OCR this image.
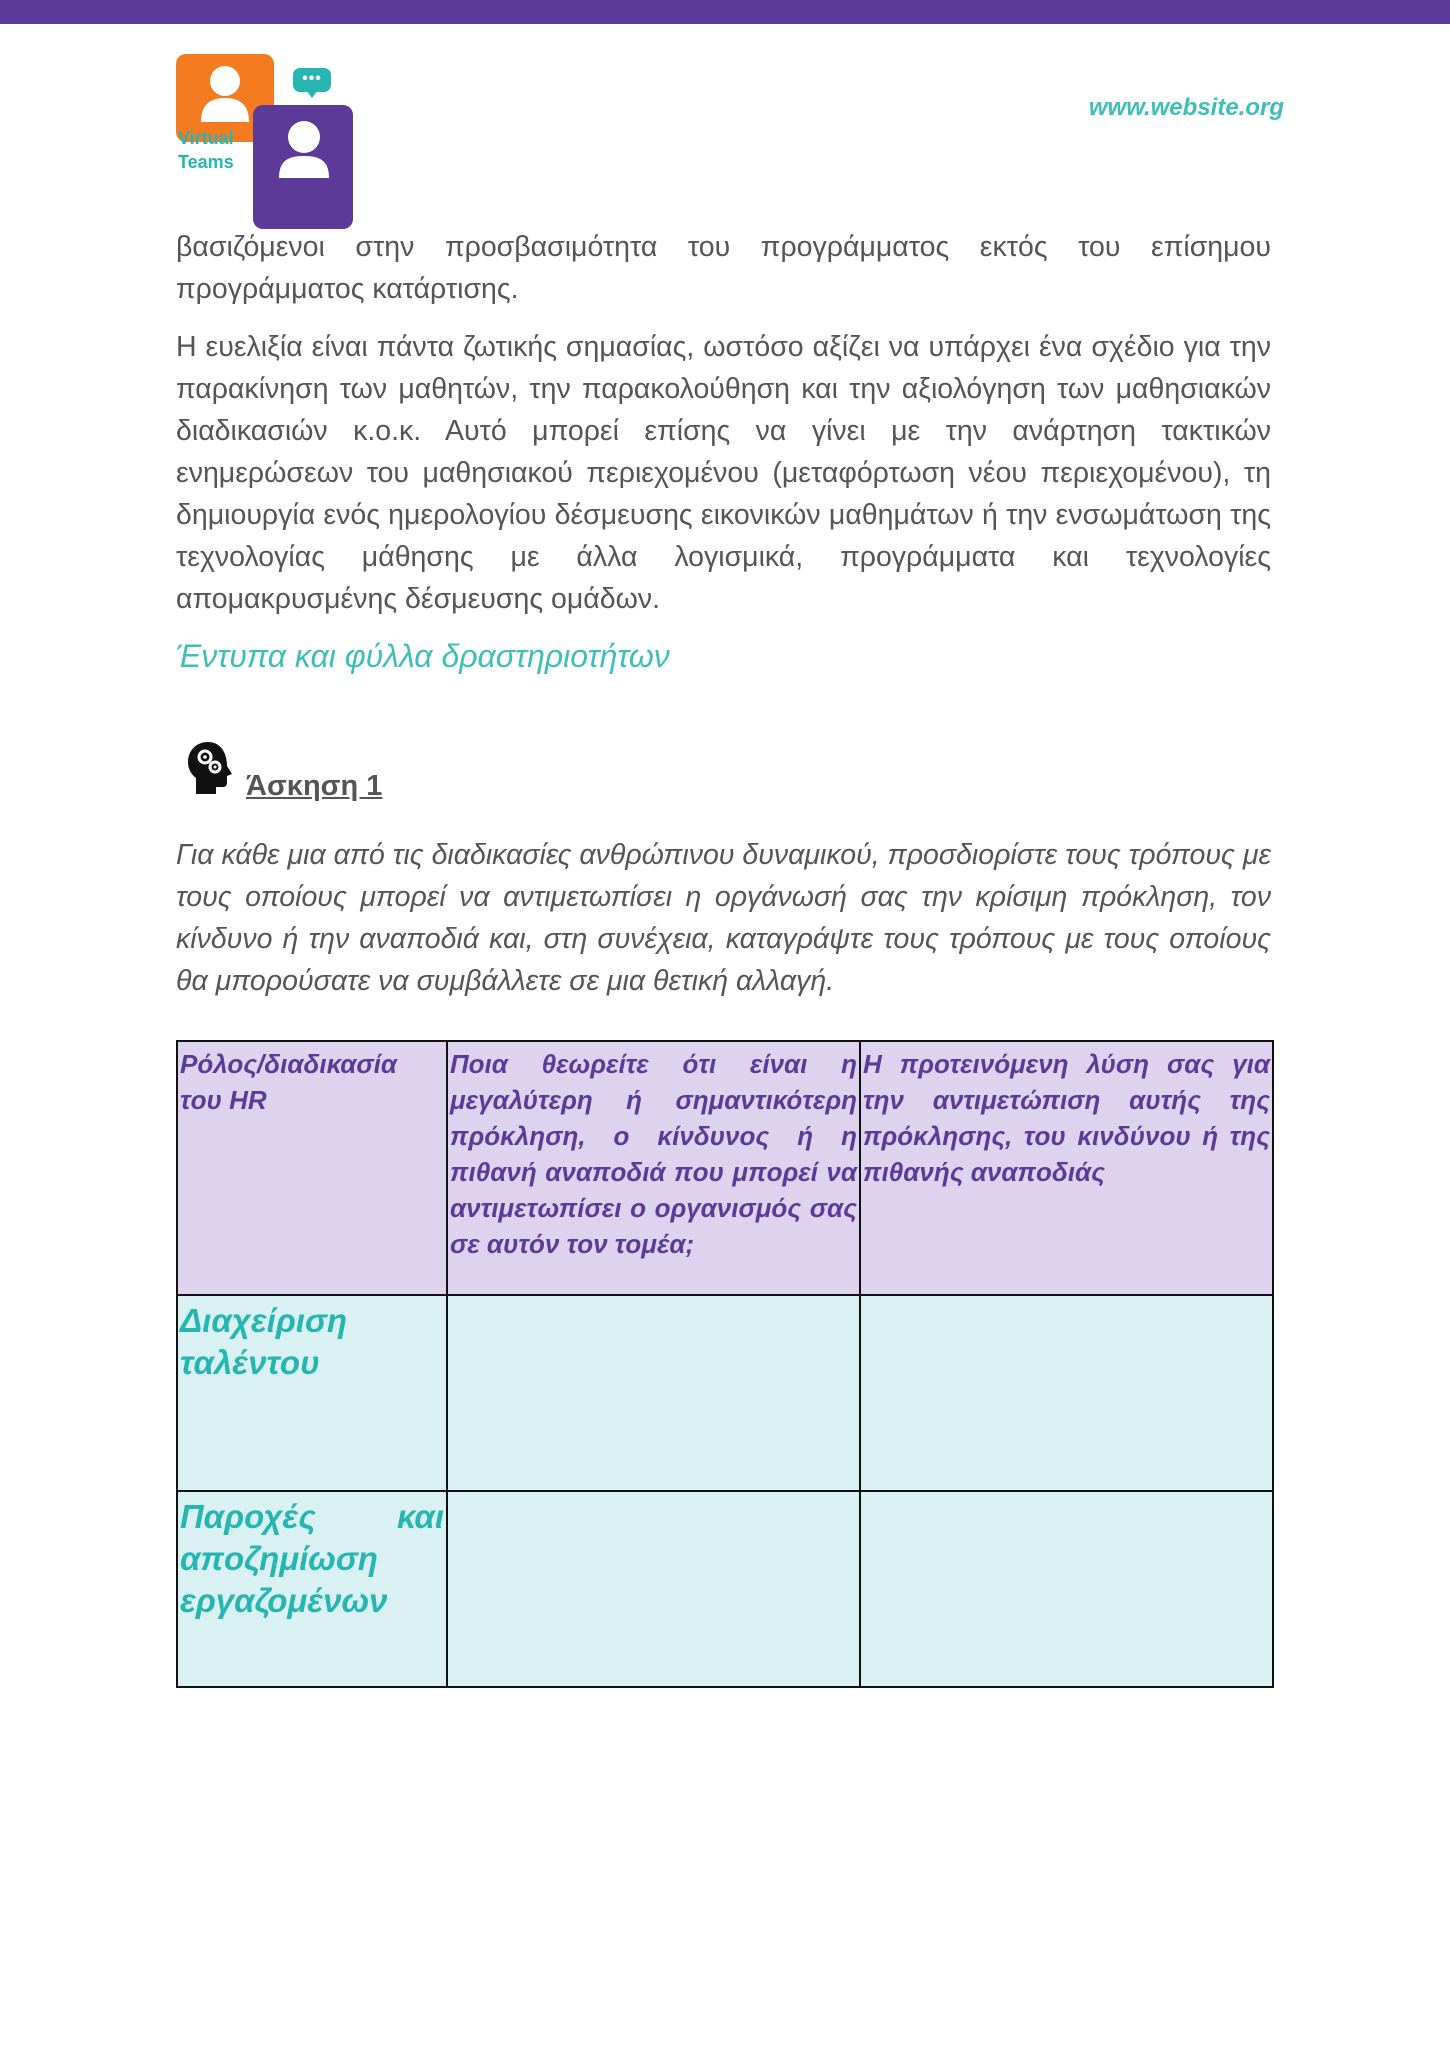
•••
Virtual
Teams
www.website.org

βασιζόμενοι στην προσβασιμότητα του προγράμματος εκτός του επίσημου προγράμματος κατάρτισης.

Η ευελιξία είναι πάντα ζωτικής σημασίας, ωστόσο αξίζει να υπάρχει ένα σχέδιο για την παρακίνηση των μαθητών, την παρακολούθηση και την αξιολόγηση των μαθησιακών διαδικασιών κ.ο.κ. Αυτό μπορεί επίσης να γίνει με την ανάρτηση τακτικών ενημερώσεων του μαθησιακού περιεχομένου (μεταφόρτωση νέου περιεχομένου), τη δημιουργία ενός ημερολογίου δέσμευσης εικονικών μαθημάτων ή την ενσωμάτωση της τεχνολογίας μάθησης με άλλα λογισμικά, προγράμματα και τεχνολογίες απομακρυσμένης δέσμευσης ομάδων.

Έντυπα και φύλλα δραστηριοτήτων
Άσκηση 1

Για κάθε μια από τις διαδικασίες ανθρώπινου δυναμικού, προσδιορίστε τους τρόπους με τους οποίους μπορεί να αντιμετωπίσει η οργάνωσή σας την κρίσιμη πρόκληση, τον κίνδυνο ή την αναποδιά και, στη συνέχεια, καταγράψτε τους τρόπους με τους οποίους θα μπορούσατε να συμβάλλετε σε μια θετική αλλαγή.

Ρόλος/διαδικασία του HR	Ποια θεωρείτε ότι είναι η μεγαλύτερη ή σημαντικότερη πρόκληση, ο κίνδυνος ή η πιθανή αναποδιά που μπορεί να αντιμετωπίσει ο οργανισμός σας σε αυτόν τον τομέα;	Η προτεινόμενη λύση σας για την αντιμετώπιση αυτής της πρόκλησης, του κινδύνου ή της πιθανής αναποδιάς

Διαχείριση ταλέντου		

Παροχές και αποζημίωση εργαζομένων		
